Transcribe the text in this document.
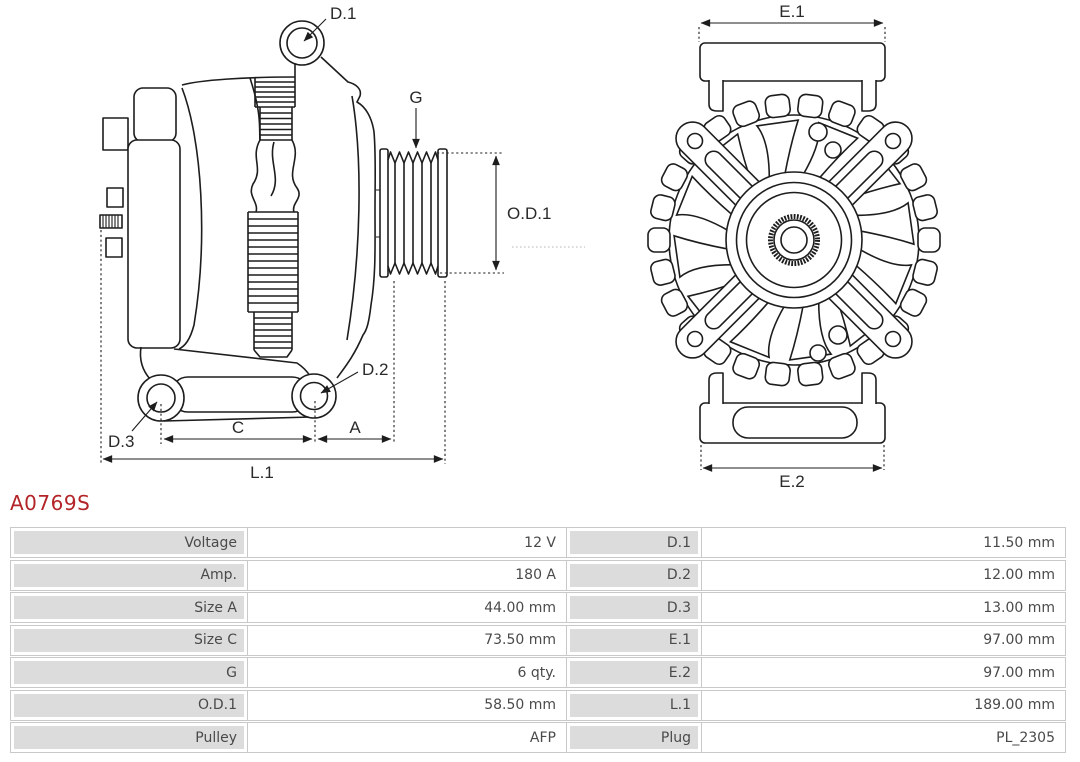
D.1
G
O.D.1
D.2
D.3
C	A
L.1
E.1
E.2
A0769S
Voltage	12 V	D.1	11.50 mm
Amp.	180 A	D.2	12.00 mm
Size A	44.00 mm	D.3	13.00 mm
Size C	73.50 mm	E.1	97.00 mm
G	6 qty.	E.2	97.00 mm
O.D.1	58.50 mm	L.1	189.00 mm
Pulley	AFP	Plug	PL_2305
